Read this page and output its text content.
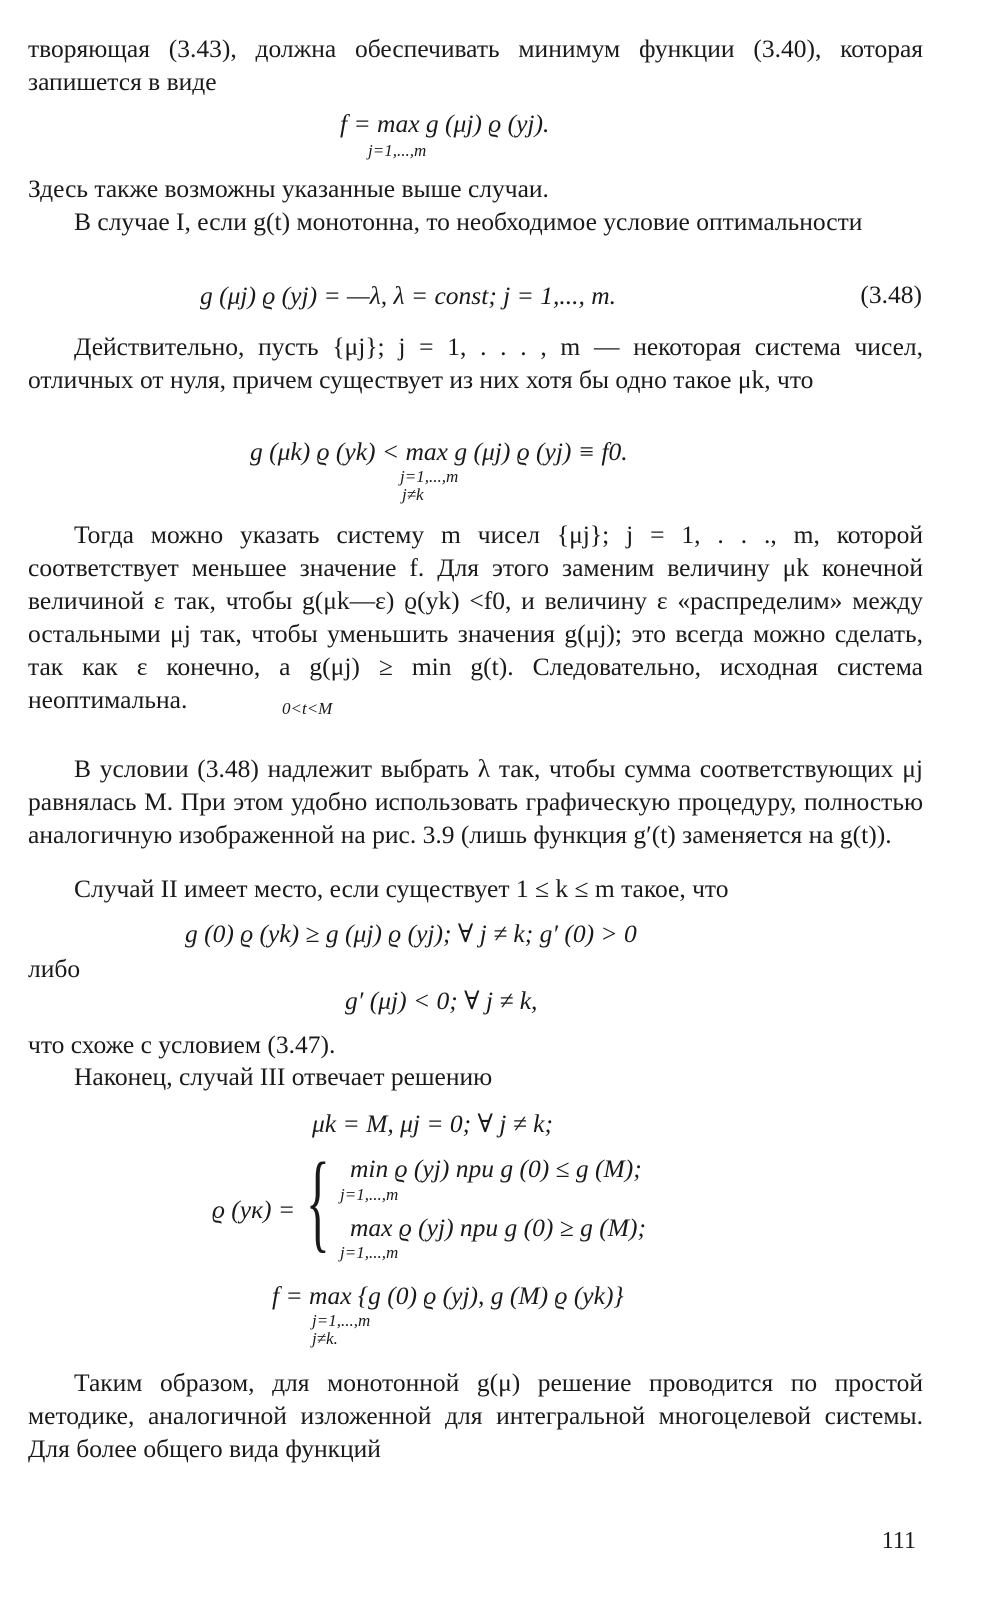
творяющая (3.43), должна обеспечивать минимум функции (3.40), которая запишется в виде

f = max g (μj) ϱ (yj).
j=1,...,m

Здесь также возможны указанные выше случаи.

В случае I, если g(t) монотонна, то необходимое условие оптимальности

g (μj) ϱ (yj) = —λ, λ = const; j = 1,..., m.	(3.48)

Действительно, пусть {μj}; j = 1, . . . , m — некоторая система чисел, отличных от нуля, причем существует из них хотя бы одно такое μk, что

g (μk) ϱ (yk) < max g (μj) ϱ (yj) ≡ f0.
j=1,...,m
j≠k

Тогда можно указать систему m чисел {μj}; j = 1, . . ., m, которой соответствует меньшее значение f. Для этого заменим величину μk конечной величиной ε так, чтобы g(μk—ε) ϱ(yk) <f0, и величину ε «распределим» между остальными μj так, чтобы уменьшить значения g(μj); это всегда можно сделать, так как ε конечно, а g(μj) ≥ min g(t). Следовательно, исходная система неоптимальна.	0<t<M

В условии (3.48) надлежит выбрать λ так, чтобы сумма соответствующих μj равнялась M. При этом удобно использовать графическую процедуру, полностью аналогичную изображенной на рис. 3.9 (лишь функция g′(t) заменяется на g(t)).

Случай II имеет место, если существует 1 ≤ k ≤ m такое, что

g (0) ϱ (yk) ≥ g (μj) ϱ (yj); ∀ j ≠ k; g′ (0) > 0

либо

g′ (μj) < 0; ∀ j ≠ k,

что схоже с условием (3.47).

Наконец, случай III отвечает решению

μk = M, μj = 0; ∀ j ≠ k;
ϱ (yк) = { min ϱ (yj) при g (0) ≤ g (M);
j=1,...,m
max ϱ (yj) при g (0) ≥ g (M);
j=1,...,m
f = max {g (0) ϱ (yj), g (M) ϱ (yk)}
j=1,...,m
j≠k.

Таким образом, для монотонной g(μ) решение проводится по простой методике, аналогичной изложенной для интегральной многоцелевой системы. Для более общего вида функций

111
